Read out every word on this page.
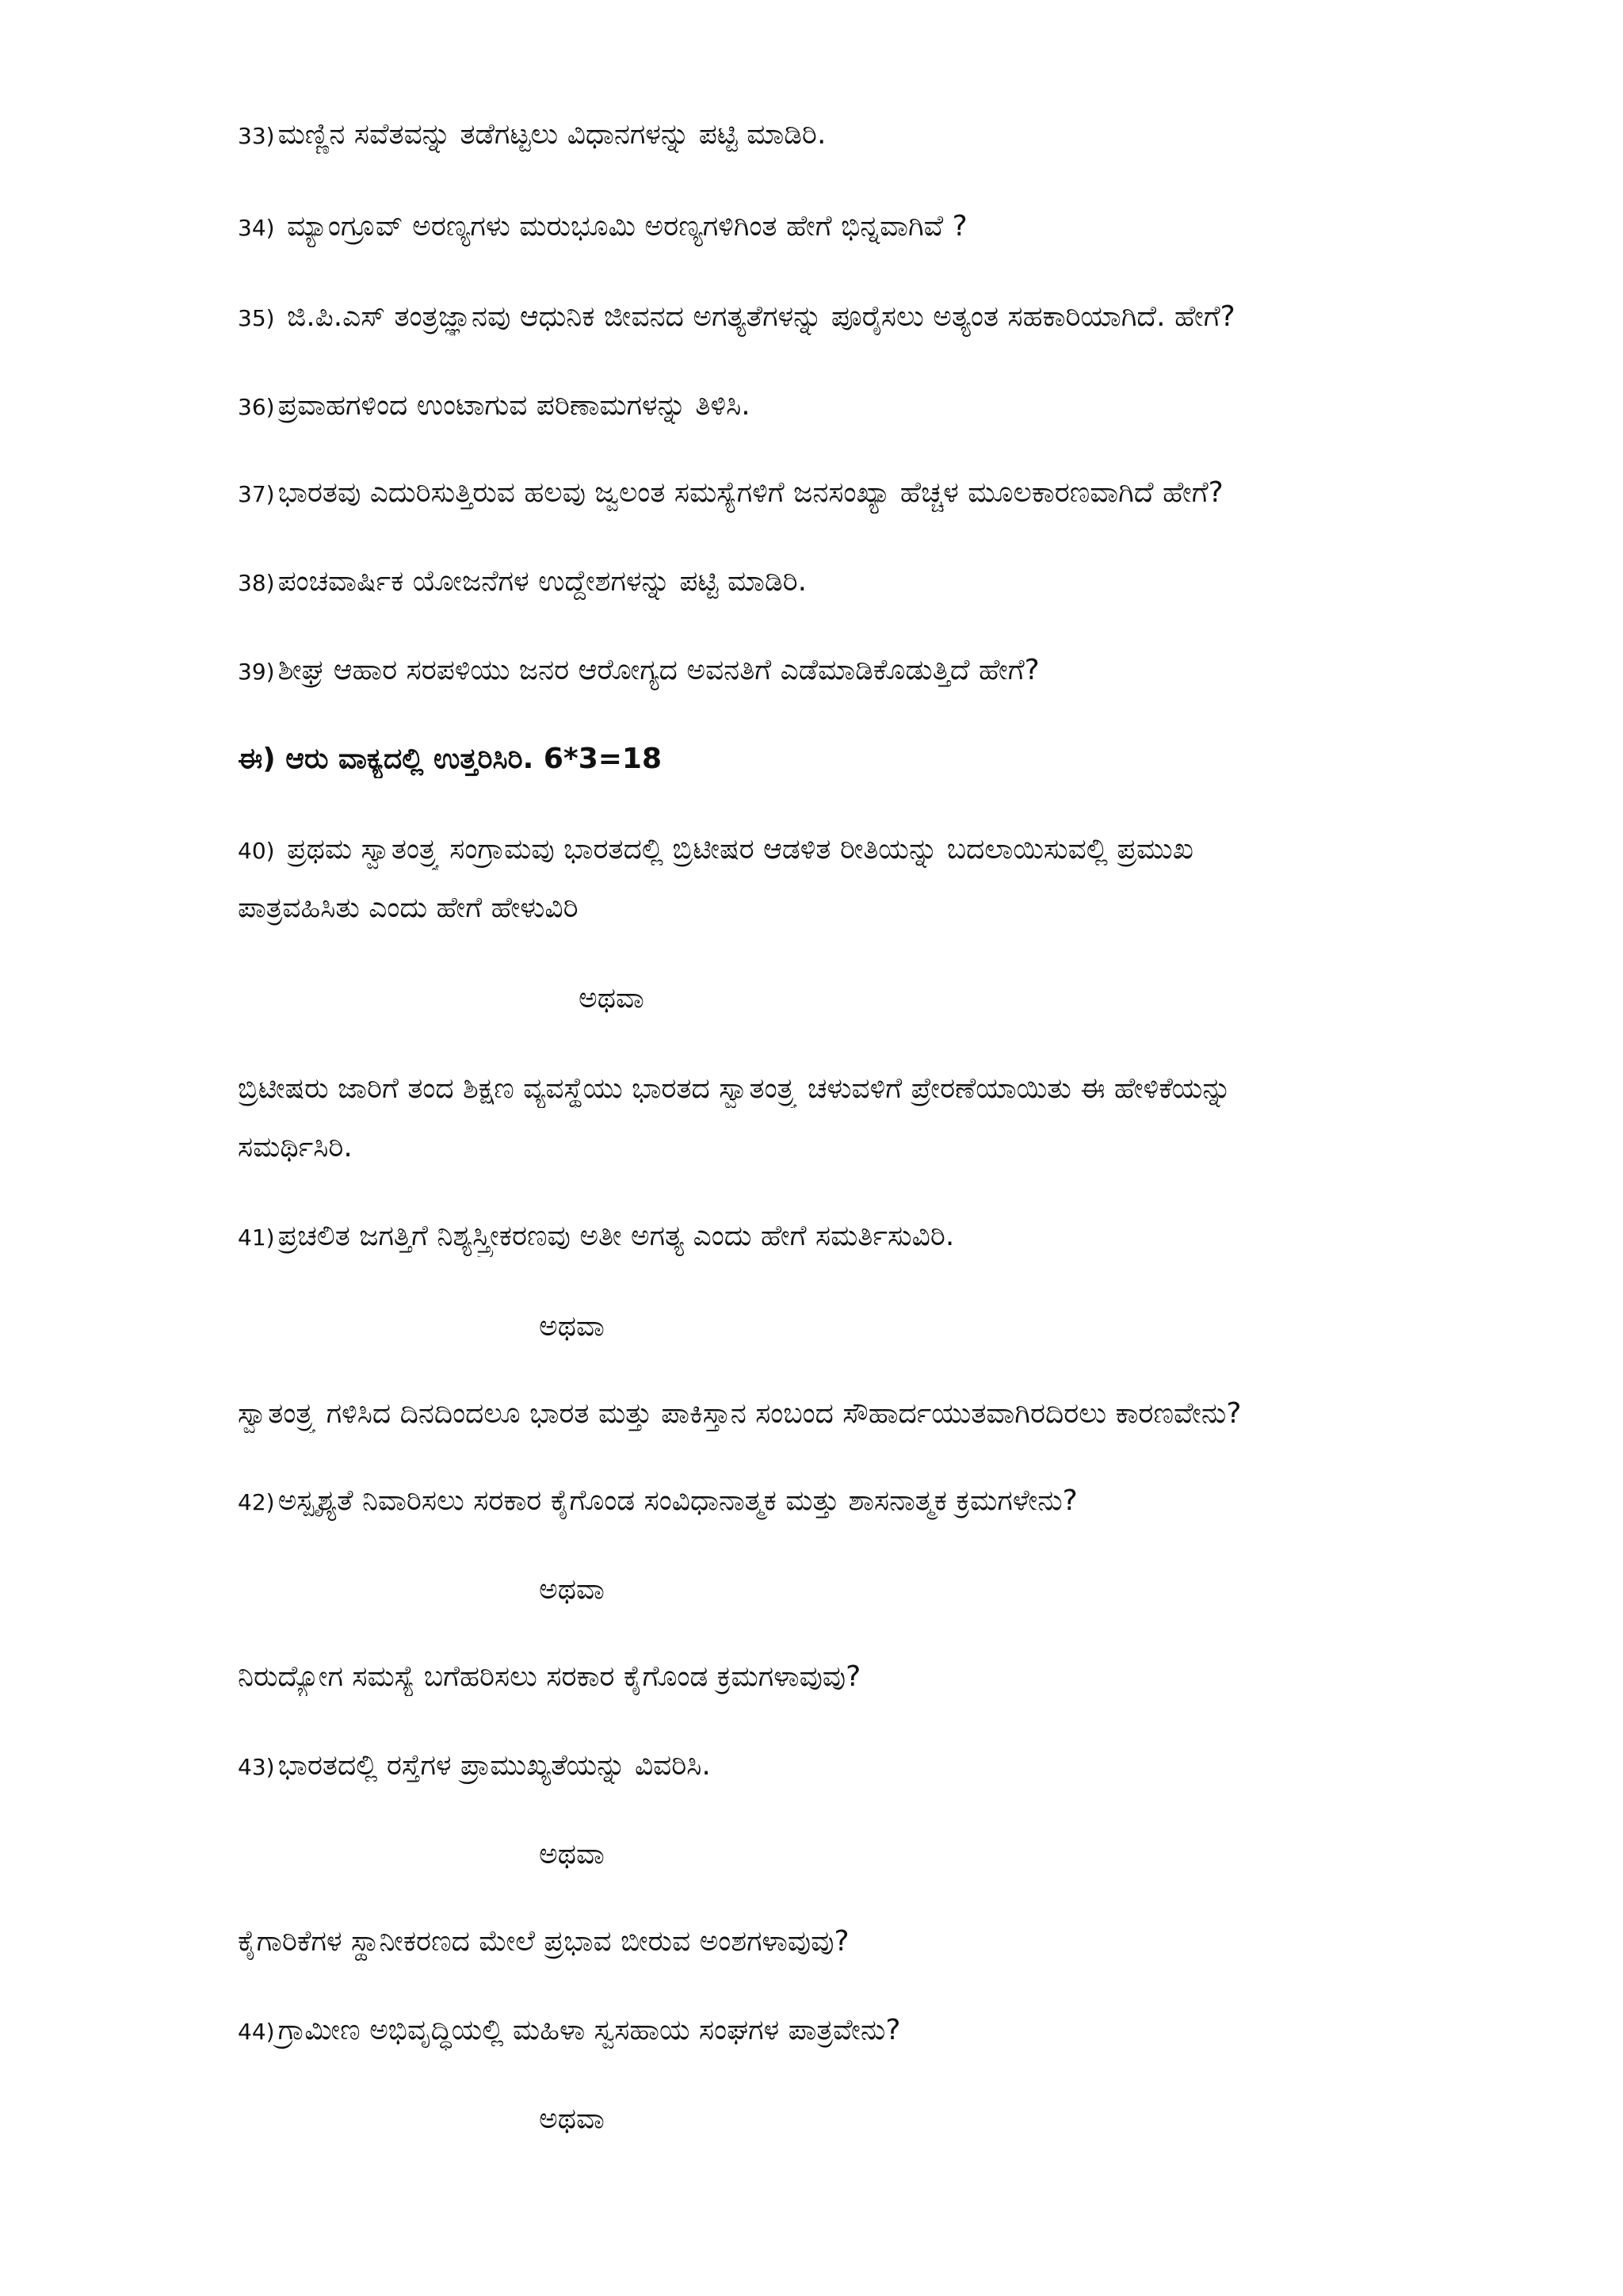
33) ಮಣ್ಣಿನ ಸವೆತವನ್ನು ತಡೆಗಟ್ಟಲು ವಿಧಾನಗಳನ್ನು ಪಟ್ಟಿ ಮಾಡಿರಿ.
34) ಮ್ಯಾಂಗ್ರೂವ್ ಅರಣ್ಯಗಳು ಮರುಭೂಮಿ ಅರಣ್ಯಗಳಿಗಿಂತ ಹೇಗೆ ಭಿನ್ನವಾಗಿವೆ ?
35) ಜಿ.ಪಿ.ಎಸ್ ತಂತ್ರಜ್ಞಾನವು ಆಧುನಿಕ ಜೀವನದ ಅಗತ್ಯತೆಗಳನ್ನು ಪೂರೈಸಲು ಅತ್ಯಂತ ಸಹಕಾರಿಯಾಗಿದೆ. ಹೇಗೆ?
36) ಪ್ರವಾಹಗಳಿಂದ ಉಂಟಾಗುವ ಪರಿಣಾಮಗಳನ್ನು ತಿಳಿಸಿ.
37) ಭಾರತವು ಎದುರಿಸುತ್ತಿರುವ ಹಲವು ಜ್ವಲಂತ ಸಮಸ್ಯೆಗಳಿಗೆ ಜನಸಂಖ್ಯಾ ಹೆಚ್ಚಳ ಮೂಲಕಾರಣವಾಗಿದೆ ಹೇಗೆ?
38) ಪಂಚವಾರ್ಷಿಕ ಯೋಜನೆಗಳ ಉದ್ದೇಶಗಳನ್ನು ಪಟ್ಟಿ ಮಾಡಿರಿ.
39) ಶೀಘ್ರ ಆಹಾರ ಸರಪಳಿಯು ಜನರ ಆರೋಗ್ಯದ ಅವನತಿಗೆ ಎಡೆಮಾಡಿಕೊಡುತ್ತಿದೆ ಹೇಗೆ?
ಈ) ಆರು ವಾಕ್ಯದಲ್ಲಿ ಉತ್ತರಿಸಿರಿ. 6*3=18
40) ಪ್ರಥಮ ಸ್ವಾತಂತ್ರ್ಯ ಸಂಗ್ರಾಮವು ಭಾರತದಲ್ಲಿ ಬ್ರಿಟೀಷರ ಆಡಳಿತ ರೀತಿಯನ್ನು ಬದಲಾಯಿಸುವಲ್ಲಿ ಪ್ರಮುಖ
ಪಾತ್ರವಹಿಸಿತು ಎಂದು ಹೇಗೆ ಹೇಳುವಿರಿ
ಅಥವಾ
ಬ್ರಿಟೀಷರು ಜಾರಿಗೆ ತಂದ ಶಿಕ್ಷಣ ವ್ಯವಸ್ಥೆಯು ಭಾರತದ ಸ್ವಾತಂತ್ರ್ಯ ಚಳುವಳಿಗೆ ಪ್ರೇರಣೆಯಾಯಿತು ಈ ಹೇಳಿಕೆಯನ್ನು
ಸಮರ್ಥಿಸಿರಿ.
41) ಪ್ರಚಲಿತ ಜಗತ್ತಿಗೆ ನಿಶ್ಯಸ್ತ್ರೀಕರಣವು ಅತೀ ಅಗತ್ಯ ಎಂದು ಹೇಗೆ ಸಮರ್ತಿಸುವಿರಿ.
ಅಥವಾ
ಸ್ವಾತಂತ್ರ್ಯ ಗಳಿಸಿದ ದಿನದಿಂದಲೂ ಭಾರತ ಮತ್ತು ಪಾಕಿಸ್ತಾನ ಸಂಬಂದ ಸೌಹಾರ್ದಯುತವಾಗಿರದಿರಲು ಕಾರಣವೇನು?
42) ಅಸ್ಪೃಶ್ಯತೆ ನಿವಾರಿಸಲು ಸರಕಾರ ಕೈಗೊಂಡ ಸಂವಿಧಾನಾತ್ಮಕ ಮತ್ತು ಶಾಸನಾತ್ಮಕ ಕ್ರಮಗಳೇನು?
ಅಥವಾ
ನಿರುದ್ಯೋಗ ಸಮಸ್ಯೆ ಬಗೆಹರಿಸಲು ಸರಕಾರ ಕೈಗೊಂಡ ಕ್ರಮಗಳಾವುವು?
43) ಭಾರತದಲ್ಲಿ ರಸ್ತೆಗಳ ಪ್ರಾಮುಖ್ಯತೆಯನ್ನು ವಿವರಿಸಿ.
ಅಥವಾ
ಕೈಗಾರಿಕೆಗಳ ಸ್ಥಾನೀಕರಣದ ಮೇಲೆ ಪ್ರಭಾವ ಬೀರುವ ಅಂಶಗಳಾವುವು?
44) ಗ್ರಾಮೀಣ ಅಭಿವೃದ್ಧಿಯಲ್ಲಿ ಮಹಿಳಾ ಸ್ವಸಹಾಯ ಸಂಘಗಳ ಪಾತ್ರವೇನು?
ಅಥವಾ
